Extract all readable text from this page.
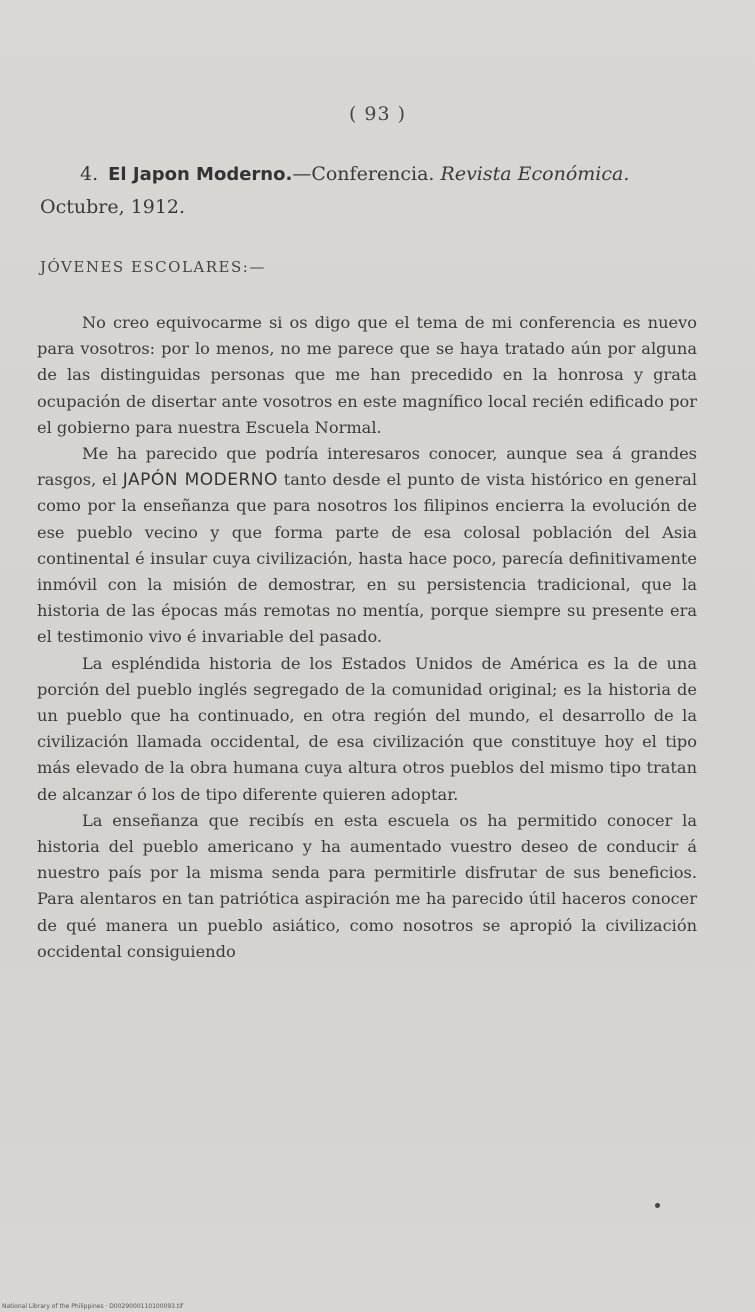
( 93 )
4. El Japon Moderno.—Conferencia. Revista Económica.
Octubre, 1912.
JÓVENES ESCOLARES:—

No creo equivocarme si os digo que el tema de mi conferencia es nuevo para vosotros: por lo menos, no me parece que se haya tratado aún por alguna de las distinguidas personas que me han precedido en la honrosa y grata ocupación de disertar ante vosotros en este magnífico local recién edificado por el gobierno para nuestra Escuela Normal.

Me ha parecido que podría interesaros conocer, aunque sea á grandes rasgos, el JAPÓN MODERNO tanto desde el punto de vista histórico en general como por la enseñanza que para nosotros los filipinos encierra la evolución de ese pueblo vecino y que forma parte de esa colosal población del Asia continental é insular cuya civilización, hasta hace poco, parecía definitivamente inmóvil con la misión de demostrar, en su persistencia tradicional, que la historia de las épocas más remotas no mentía, porque siempre su presente era el testimonio vivo é invariable del pasado.

La espléndida historia de los Estados Unidos de América es la de una porción del pueblo inglés segregado de la comunidad original; es la historia de un pueblo que ha continuado, en otra región del mundo, el desarrollo de la civilización llamada occidental, de esa civilización que constituye hoy el tipo más elevado de la obra humana cuya altura otros pueblos del mismo tipo tratan de alcanzar ó los de tipo diferente quieren adoptar.

La enseñanza que recibís en esta escuela os ha permitido conocer la historia del pueblo americano y ha aumentado vuestro deseo de conducir á nuestro país por la misma senda para permitirle disfrutar de sus beneficios. Para alentaros en tan patriótica aspiración me ha parecido útil haceros conocer de qué manera un pueblo asiático, como nosotros se apropió la civilización occidental consiguiendo

National Library of the Philippines · D0029000110100093.tif
